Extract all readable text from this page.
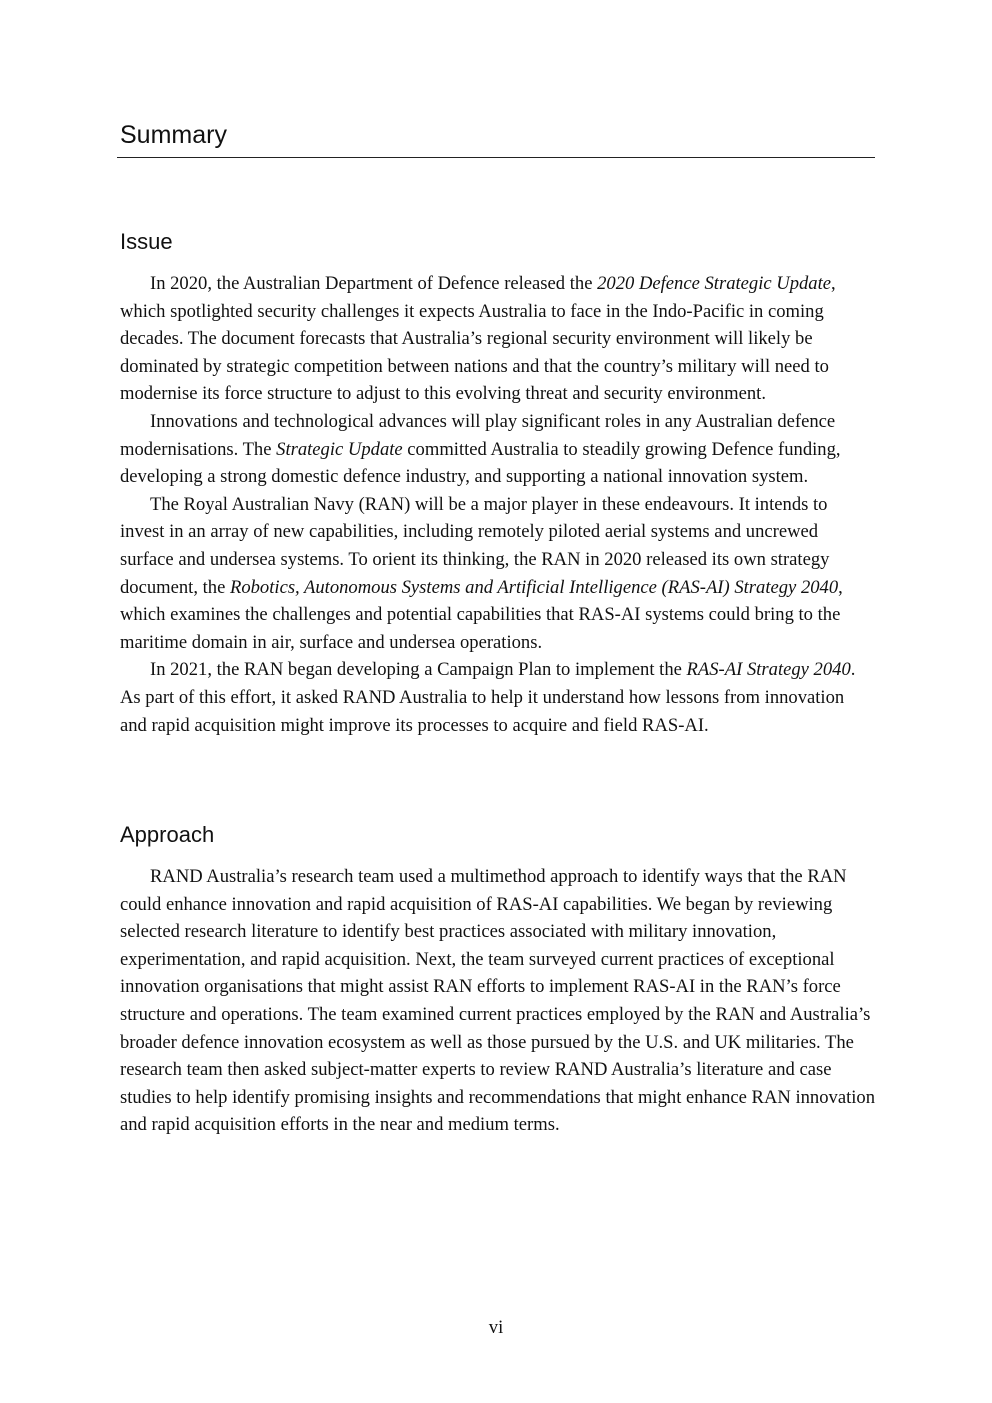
Summary
Issue

In 2020, the Australian Department of Defence released the 2020 Defence Strategic Update, which spotlighted security challenges it expects Australia to face in the Indo-Pacific in coming decades. The document forecasts that Australia’s regional security environment will likely be dominated by strategic competition between nations and that the country’s military will need to modernise its force structure to adjust to this evolving threat and security environment.

Innovations and technological advances will play significant roles in any Australian defence modernisations. The Strategic Update committed Australia to steadily growing Defence funding, developing a strong domestic defence industry, and supporting a national innovation system.

The Royal Australian Navy (RAN) will be a major player in these endeavours. It intends to invest in an array of new capabilities, including remotely piloted aerial systems and uncrewed surface and undersea systems. To orient its thinking, the RAN in 2020 released its own strategy document, the Robotics, Autonomous Systems and Artificial Intelligence (RAS-AI) Strategy 2040, which examines the challenges and potential capabilities that RAS-AI systems could bring to the maritime domain in air, surface and undersea operations.

In 2021, the RAN began developing a Campaign Plan to implement the RAS-AI Strategy 2040. As part of this effort, it asked RAND Australia to help it understand how lessons from innovation and rapid acquisition might improve its processes to acquire and field RAS-AI.

Approach

RAND Australia’s research team used a multimethod approach to identify ways that the RAN could enhance innovation and rapid acquisition of RAS-AI capabilities. We began by reviewing selected research literature to identify best practices associated with military innovation, experimentation, and rapid acquisition. Next, the team surveyed current practices of exceptional innovation organisations that might assist RAN efforts to implement RAS-AI in the RAN’s force structure and operations. The team examined current practices employed by the RAN and Australia’s broader defence innovation ecosystem as well as those pursued by the U.S. and UK militaries. The research team then asked subject-matter experts to review RAND Australia’s literature and case studies to help identify promising insights and recommendations that might enhance RAN innovation and rapid acquisition efforts in the near and medium terms.

vi
